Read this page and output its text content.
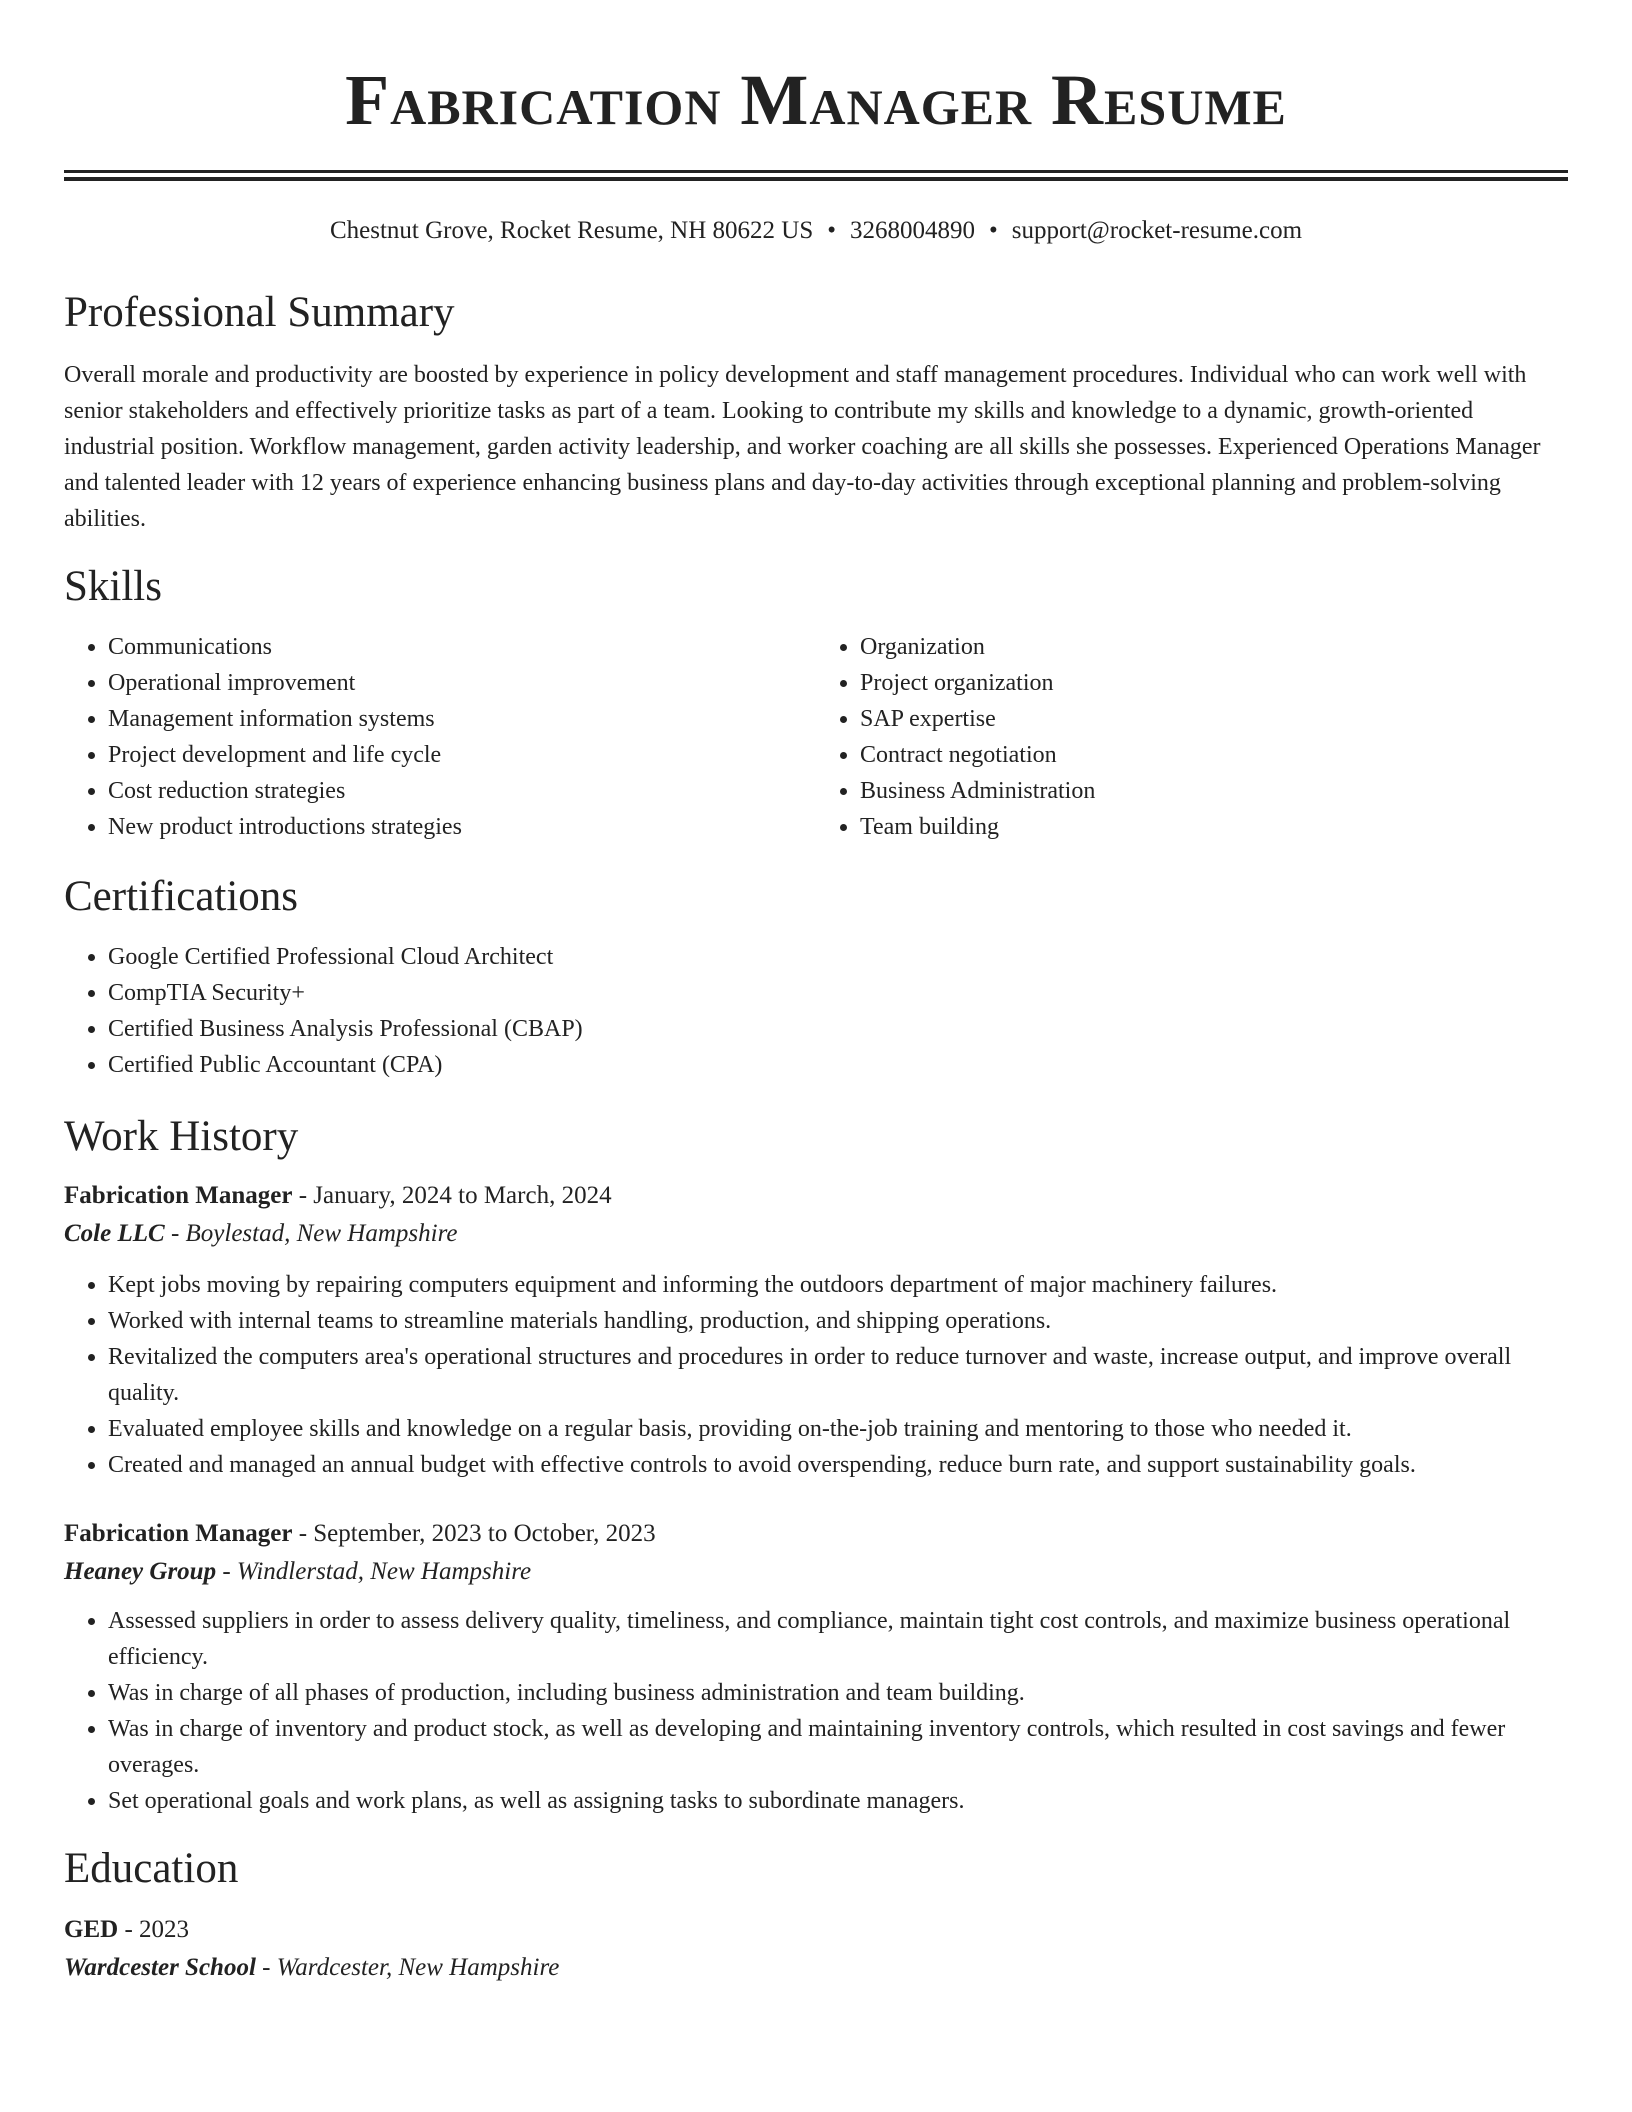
Fabrication Manager Resume
Chestnut Grove, Rocket Resume, NH 80622 US • 3268004890 • support@rocket-resume.com
Professional Summary

Overall morale and productivity are boosted by experience in policy development and staff management procedures. Individual who can work well with senior stakeholders and effectively prioritize tasks as part of a team. Looking to contribute my skills and knowledge to a dynamic, growth-oriented industrial position. Workflow management, garden activity leadership, and worker coaching are all skills she possesses. Experienced Operations Manager and talented leader with 12 years of experience enhancing business plans and day-to-day activities through exceptional planning and problem-solving abilities.

Skills
• Communications
• Operational improvement
• Management information systems
• Project development and life cycle
• Cost reduction strategies
• New product introductions strategies
• Organization
• Project organization
• SAP expertise
• Contract negotiation
• Business Administration
• Team building
Certifications
• Google Certified Professional Cloud Architect
• CompTIA Security+
• Certified Business Analysis Professional (CBAP)
• Certified Public Accountant (CPA)
Work History
Fabrication Manager - January, 2024 to March, 2024
Cole LLC - Boylestad, New Hampshire
• Kept jobs moving by repairing computers equipment and informing the outdoors department of major machinery failures.
• Worked with internal teams to streamline materials handling, production, and shipping operations.
• Revitalized the computers area's operational structures and procedures in order to reduce turnover and waste, increase output, and improve overall quality.
• Evaluated employee skills and knowledge on a regular basis, providing on-the-job training and mentoring to those who needed it.
• Created and managed an annual budget with effective controls to avoid overspending, reduce burn rate, and support sustainability goals.
Fabrication Manager - September, 2023 to October, 2023
Heaney Group - Windlerstad, New Hampshire
• Assessed suppliers in order to assess delivery quality, timeliness, and compliance, maintain tight cost controls, and maximize business operational efficiency.
• Was in charge of all phases of production, including business administration and team building.
• Was in charge of inventory and product stock, as well as developing and maintaining inventory controls, which resulted in cost savings and fewer overages.
• Set operational goals and work plans, as well as assigning tasks to subordinate managers.
Education
GED - 2023
Wardcester School - Wardcester, New Hampshire
